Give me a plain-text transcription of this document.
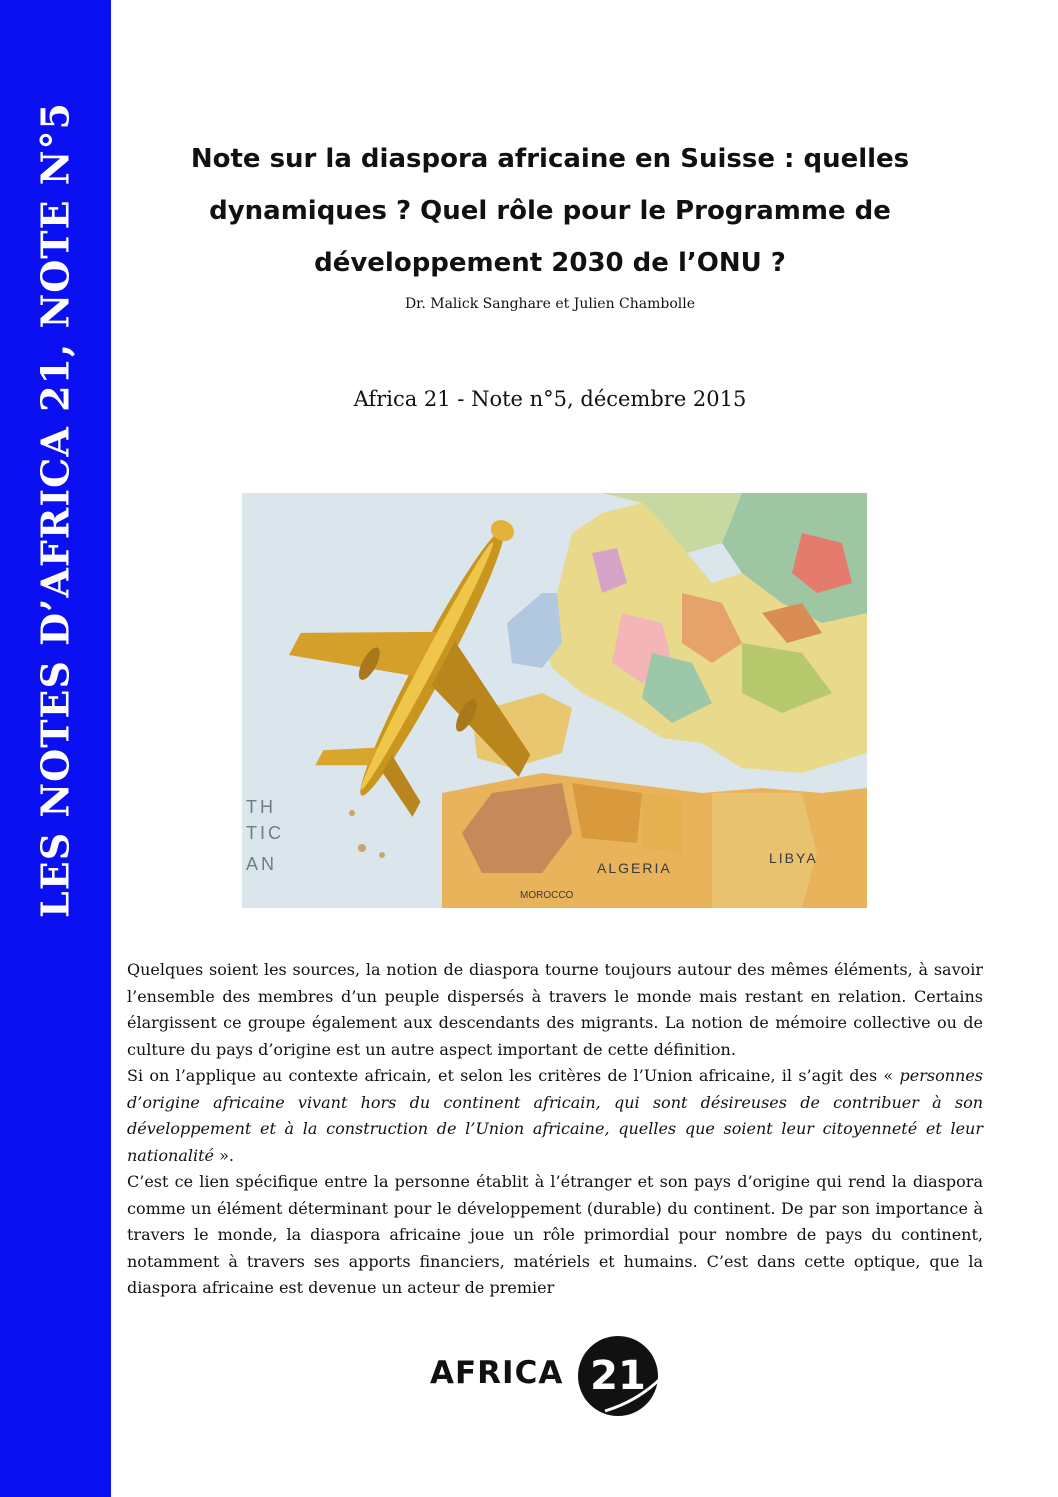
LES NOTES D’AFRICA 21, NOTE N°5	Note sur la diaspora africaine en Suisse : quelles
dynamiques ? Quel rôle pour le Programme de
développement 2030 de l’ONU ?
Dr. Malick Sanghare et Julien Chambolle
Africa 21 - Note n°5, décembre 2015
ALGERIA
LIBYA
MOROCCO
TH
TIC
AN

Quelques soient les sources, la notion de diaspora tourne toujours autour des mêmes éléments, à savoir l’ensemble des membres d’un peuple dispersés à travers le monde mais restant en relation. Certains élargissent ce groupe également aux descendants des migrants. La notion de mémoire collective ou de culture du pays d’origine est un autre aspect important de cette définition.

Si on l’applique au contexte africain, et selon les critères de l’Union africaine, il s’agit des « personnes d’origine africaine vivant hors du continent africain, qui sont désireuses de contribuer à son développement et à la construction de l’Union africaine, quelles que soient leur citoyenneté et leur nationalité ».

C’est ce lien spécifique entre la personne établit à l’étranger et son pays d’origine qui rend la diaspora comme un élément déterminant pour le développement (durable) du continent. De par son importance à travers le monde, la diaspora africaine joue un rôle primordial pour nombre de pays du continent, notamment à travers ses apports financiers, matériels et humains. C’est dans cette optique, que la diaspora africaine est devenue un acteur de premier

AFRICA 21
